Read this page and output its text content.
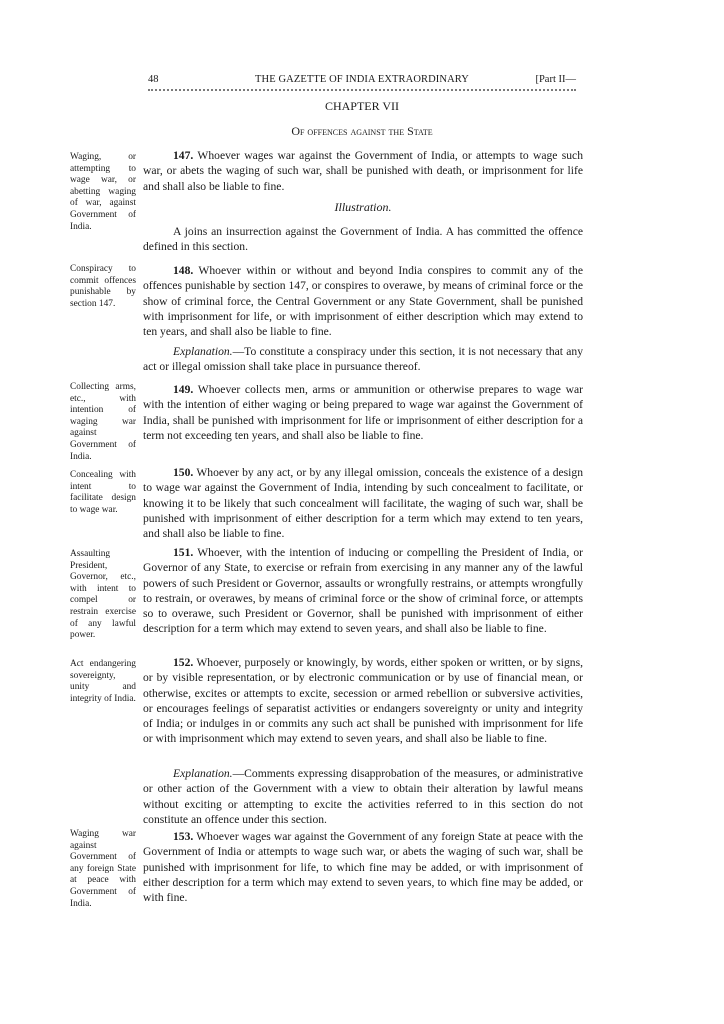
48	THE GAZETTE OF INDIA EXTRAORDINARY	[Part II—
CHAPTER VII
Of offences against the State
Waging, or attempting to wage war, or abetting waging of war, against Government of India.
Conspiracy to commit offences punishable by section 147.
Collecting arms, etc., with intention of waging war against Government of India.
Concealing with intent to facilitate design to wage war.
Assaulting President, Governor, etc., with intent to compel or restrain exercise of any lawful power.
Act endangering sovereignty, unity and integrity of India.
Waging war against Government of any foreign State at peace with Government of India.

147. Whoever wages war against the Government of India, or attempts to wage such war, or abets the waging of such war, shall be punished with death, or imprisonment for life and shall also be liable to fine.

Illustration.

A joins an insurrection against the Government of India. A has committed the offence defined in this section.

148. Whoever within or without and beyond India conspires to commit any of the offences punishable by section 147, or conspires to overawe, by means of criminal force or the show of criminal force, the Central Government or any State Government, shall be punished with imprisonment for life, or with imprisonment of either description which may extend to ten years, and shall also be liable to fine.

Explanation.—To constitute a conspiracy under this section, it is not necessary that any act or illegal omission shall take place in pursuance thereof.

149. Whoever collects men, arms or ammunition or otherwise prepares to wage war with the intention of either waging or being prepared to wage war against the Government of India, shall be punished with imprisonment for life or imprisonment of either description for a term not exceeding ten years, and shall also be liable to fine.

150. Whoever by any act, or by any illegal omission, conceals the existence of a design to wage war against the Government of India, intending by such concealment to facilitate, or knowing it to be likely that such concealment will facilitate, the waging of such war, shall be punished with imprisonment of either description for a term which may extend to ten years, and shall also be liable to fine.

151. Whoever, with the intention of inducing or compelling the President of India, or Governor of any State, to exercise or refrain from exercising in any manner any of the lawful powers of such President or Governor, assaults or wrongfully restrains, or attempts wrongfully to restrain, or overawes, by means of criminal force or the show of criminal force, or attempts so to overawe, such President or Governor, shall be punished with imprisonment of either description for a term which may extend to seven years, and shall also be liable to fine.

152. Whoever, purposely or knowingly, by words, either spoken or written, or by signs, or by visible representation, or by electronic communication or by use of financial mean, or otherwise, excites or attempts to excite, secession or armed rebellion or subversive activities, or encourages feelings of separatist activities or endangers sovereignty or unity and integrity of India; or indulges in or commits any such act shall be punished with imprisonment for life or with imprisonment which may extend to seven years, and shall also be liable to fine.

Explanation.—Comments expressing disapprobation of the measures, or administrative or other action of the Government with a view to obtain their alteration by lawful means without exciting or attempting to excite the activities referred to in this section do not constitute an offence under this section.

153. Whoever wages war against the Government of any foreign State at peace with the Government of India or attempts to wage such war, or abets the waging of such war, shall be punished with imprisonment for life, to which fine may be added, or with imprisonment of either description for a term which may extend to seven years, to which fine may be added, or with fine.
